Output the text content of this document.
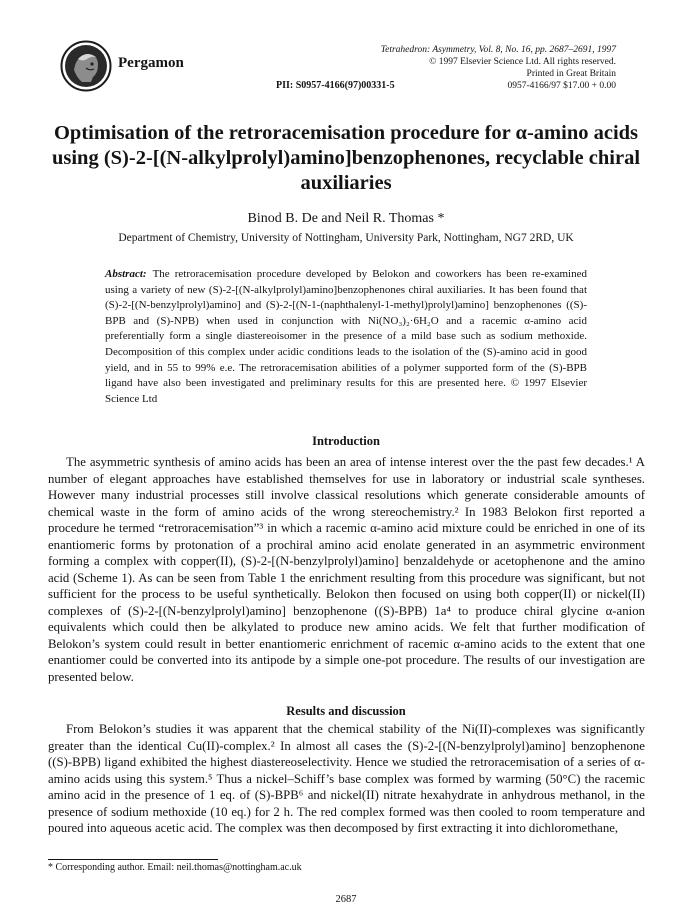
Pergamon
Tetrahedron: Asymmetry, Vol. 8, No. 16, pp. 2687–2691, 1997
© 1997 Elsevier Science Ltd. All rights reserved.
Printed in Great Britain
0957-4166/97 $17.00 + 0.00
PII: S0957-4166(97)00331-5
Optimisation of the retroracemisation procedure for α-amino acids using (S)-2-[(N-alkylprolyl)amino]benzophenones, recyclable chiral auxiliaries
Binod B. De and Neil R. Thomas *
Department of Chemistry, University of Nottingham, University Park, Nottingham, NG7 2RD, UK
Abstract: The retroracemisation procedure developed by Belokon and coworkers has been re-examined using a variety of new (S)-2-[(N-alkylprolyl)amino]benzophenones chiral auxiliaries. It has been found that (S)-2-[(N-benzylprolyl)amino] and (S)-2-[(N-1-(naphthalenyl-1-methyl)prolyl)amino] benzophenones ((S)-BPB and (S)-NPB) when used in conjunction with Ni(NO₃)₂·6H₂O and a racemic α-amino acid preferentially form a single diastereoisomer in the presence of a mild base such as sodium methoxide. Decomposition of this complex under acidic conditions leads to the isolation of the (S)-amino acid in good yield, and in 55 to 99% e.e. The retroracemisation abilities of a polymer supported form of the (S)-BPB ligand have also been investigated and preliminary results for this are presented here. © 1997 Elsevier Science Ltd
Introduction
The asymmetric synthesis of amino acids has been an area of intense interest over the the past few decades.¹ A number of elegant approaches have established themselves for use in laboratory or industrial scale syntheses. However many industrial processes still involve classical resolutions which generate considerable amounts of chemical waste in the form of amino acids of the wrong stereochemistry.² In 1983 Belokon first reported a procedure he termed “retroracemisation”³ in which a racemic α-amino acid mixture could be enriched in one of its enantiomeric forms by protonation of a prochiral amino acid enolate generated in an asymmetric environment forming a complex with copper(II), (S)-2-[(N-benzylprolyl)amino] benzaldehyde or acetophenone and the amino acid (Scheme 1). As can be seen from Table 1 the enrichment resulting from this procedure was significant, but not sufficient for the process to be useful synthetically. Belokon then focused on using both copper(II) or nickel(II) complexes of (S)-2-[(N-benzylprolyl)amino] benzophenone ((S)-BPB) 1a⁴ to produce chiral glycine α-anion equivalents which could then be alkylated to produce new amino acids. We felt that further modification of Belokon’s system could result in better enantiomeric enrichment of racemic α-amino acids to the extent that one enantiomer could be converted into its antipode by a simple one-pot procedure. The results of our investigation are presented below.
Results and discussion
From Belokon’s studies it was apparent that the chemical stability of the Ni(II)-complexes was significantly greater than the identical Cu(II)-complex.² In almost all cases the (S)-2-[(N-benzylprolyl)amino] benzophenone ((S)-BPB) ligand exhibited the highest diastereoselectivity. Hence we studied the retroracemisation of a series of α-amino acids using this system.⁵ Thus a nickel–Schiff’s base complex was formed by warming (50°C) the racemic amino acid in the presence of 1 eq. of (S)-BPB⁶ and nickel(II) nitrate hexahydrate in anhydrous methanol, in the presence of sodium methoxide (10 eq.) for 2 h. The red complex formed was then cooled to room temperature and poured into aqueous acetic acid. The complex was then decomposed by first extracting it into dichloromethane,
* Corresponding author. Email: neil.thomas@nottingham.ac.uk
2687
